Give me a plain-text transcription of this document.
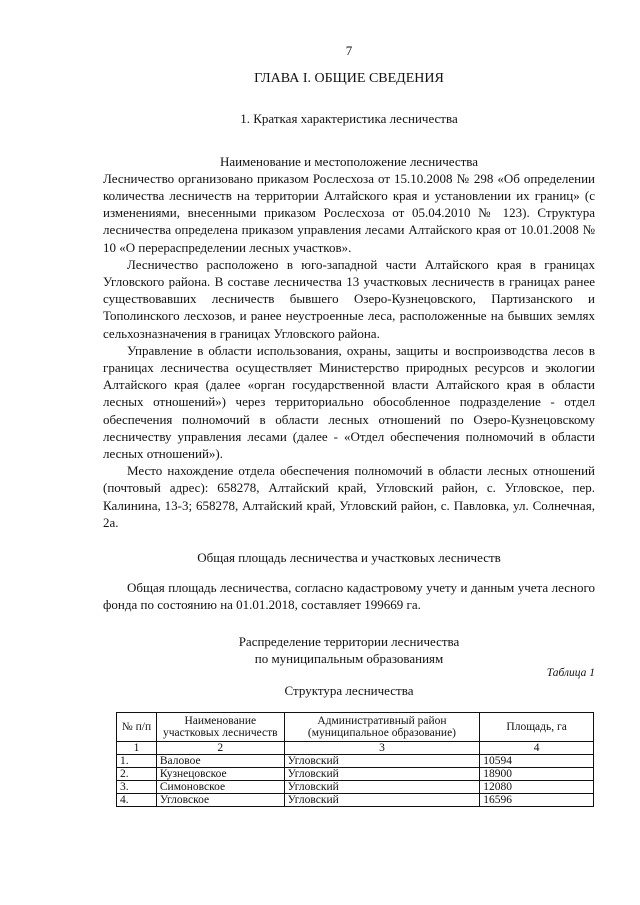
7
ГЛАВА I. ОБЩИЕ СВЕДЕНИЯ
1. Краткая характеристика лесничества
Наименование и местоположение лесничества

Лесничество организовано приказом Рослесхоза от 15.10.2008 № 298 «Об определении количества лесничеств на территории Алтайского края и установлении их границ» (с изменениями, внесенными приказом Рослесхоза от 05.04.2010 № 123). Структура лесничества определена приказом управления лесами Алтайского края от 10.01.2008 № 10 «О перераспределении лесных участков».

Лесничество расположено в юго-западной части Алтайского края в границах Угловского района. В составе лесничества 13 участковых лесничеств в границах ранее существовавших лесничеств бывшего Озеро-Кузнецовского, Партизанского и Тополинского лесхозов, и ранее неустроенные леса, расположенные на бывших землях сельхозназначения в границах Угловского района.

Управление в области использования, охраны, защиты и воспроизводства лесов в границах лесничества осуществляет Министерство природных ресурсов и экологии Алтайского края (далее «орган государственной власти Алтайского края в области лесных отношений») через территориально обособленное подразделение - отдел обеспечения полномочий в области лесных отношений по Озеро-Кузнецовскому лесничеству управления лесами (далее - «Отдел обеспечения полномочий в области лесных отношений»).

Место нахождение отдела обеспечения полномочий в области лесных отношений (почтовый адрес): 658278, Алтайский край, Угловский район, с. Угловское, пер. Калинина, 13-3; 658278, Алтайский край, Угловский район, с. Павловка, ул. Солнечная, 2а.

Общая площадь лесничества и участковых лесничеств

Общая площадь лесничества, согласно кадастровому учету и данным учета лесного фонда по состоянию на 01.01.2018, составляет 199669 га.

Распределение территории лесничества
по муниципальным образованиям
Таблица 1
Структура лесничества
№ п/п	Наименование участковых лесничеств	Административный район (муниципальное образование)	Площадь, га
1	2	3	4
1.	Валовое	Угловский	10594
2.	Кузнецовское	Угловский	18900
3.	Симоновское	Угловский	12080
4.	Угловское	Угловский	16596
